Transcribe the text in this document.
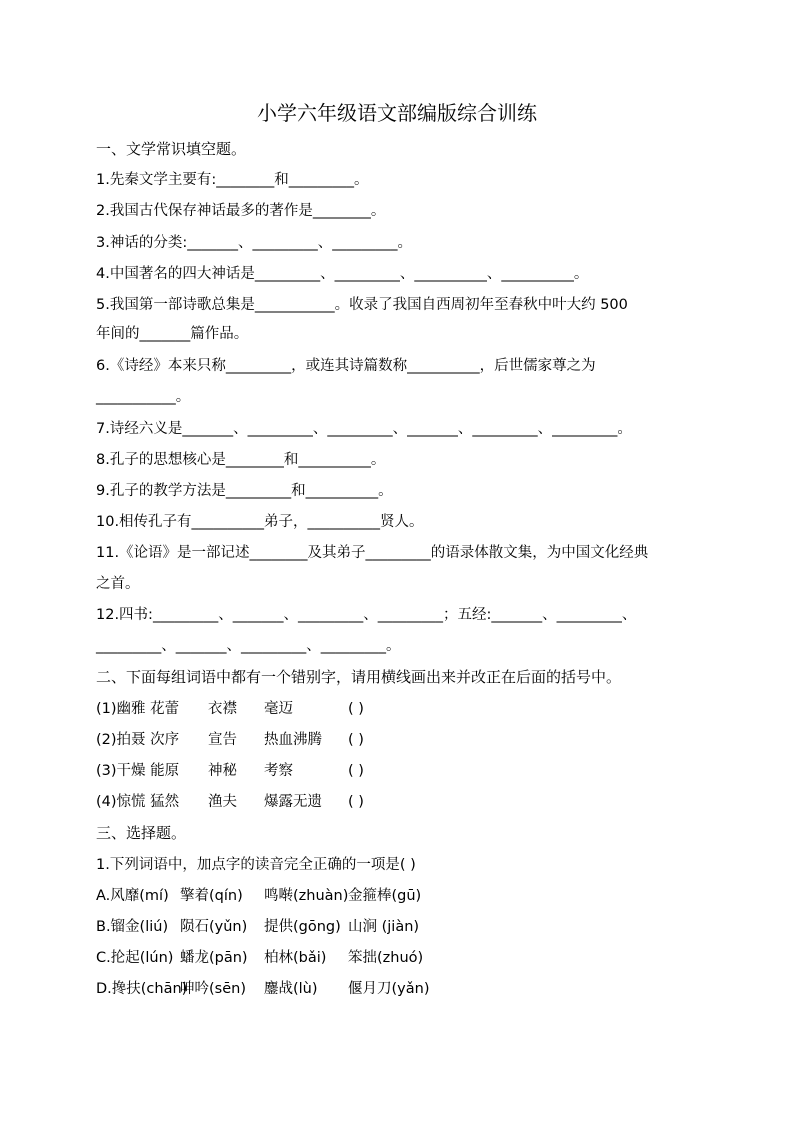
小学六年级语文部编版综合训练
一、文学常识填空题。
1.先秦文学主要有:________和_________。
2.我国古代保存神话最多的著作是________。
3.神话的分类:_______、_________、_________。
4.中国著名的四大神话是_________、_________、__________、__________。
5.我国第一部诗歌总集是___________。收录了我国自西周初年至春秋中叶大约 500
年间的_______篇作品。
6.《诗经》本来只称_________，或连其诗篇数称__________，后世儒家尊之为
___________。
7.诗经六义是_______、_________、_________、_______、_________、_________。
8.孔子的思想核心是________和__________。
9.孔子的教学方法是_________和__________。
10.相传孔子有__________弟子，__________贤人。
11.《论语》是一部记述________及其弟子_________的语录体散文集，为中国文化经典
之首。
12.四书:_________、_______、_________、_________；五经:_______、_________、
_________、_______、_________、_________。
二、下面每组词语中都有一个错别字，请用横线画出来并改正在后面的括号中。
(1)幽雅 花蕾 衣襟 毫迈	( )
(2)拍聂 次序 宣告 热血沸腾 ( )
(3)干燥 能原 神秘 考察	( )
(4)惊慌 猛然 渔夫 爆露无遗 ( )
三、选择题。
1.下列词语中，加点字的读音完全正确的一项是( )
A.风靡(mí) 擎着(qín) 鸣啭(zhuàn) 金箍棒(gū)
B.镏金(liú) 陨石(yǔn) 提供(gōng) 山涧 (jiàn)
C.抡起(lún) 蟠龙(pān) 柏林(bǎi) 笨拙(zhuó)
D.搀扶(chān)
呻吟(sēn) 鏖战(lù) 偃月刀(yǎn)
